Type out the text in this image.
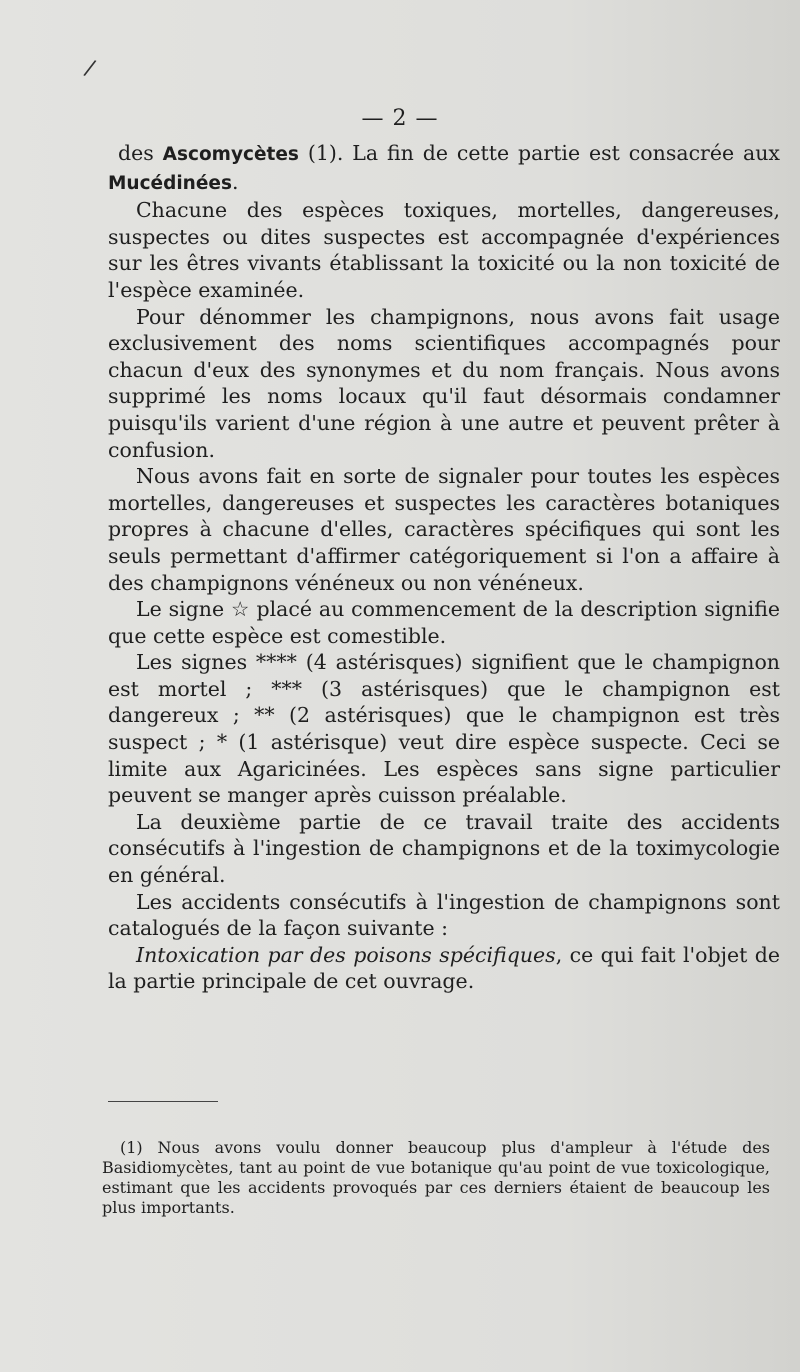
/
— 2 —

des Ascomycètes (1). La fin de cette partie est consacrée aux Mucédinées.

Chacune des espèces toxiques, mortelles, dangereuses, suspectes ou dites suspectes est accompagnée d'expériences sur les êtres vivants établissant la toxicité ou la non toxicité de l'espèce examinée.

Pour dénommer les champignons, nous avons fait usage exclusivement des noms scientifiques accompagnés pour chacun d'eux des synonymes et du nom français. Nous avons supprimé les noms locaux qu'il faut désormais condamner puisqu'ils varient d'une région à une autre et peuvent prêter à confusion.

Nous avons fait en sorte de signaler pour toutes les espèces mortelles, dangereuses et suspectes les caractères botaniques propres à chacune d'elles, caractères spécifiques qui sont les seuls permettant d'affirmer catégoriquement si l'on a affaire à des champignons vénéneux ou non vénéneux.

Le signe ☆ placé au commencement de la description signifie que cette espèce est comestible.

Les signes **** (4 astérisques) signifient que le champignon est mortel ; *** (3 astérisques) que le champignon est dangereux ; ** (2 astérisques) que le champignon est très suspect ; * (1 astérisque) veut dire espèce suspecte. Ceci se limite aux Agaricinées. Les espèces sans signe particulier peuvent se manger après cuisson préalable.

La deuxième partie de ce travail traite des accidents consécutifs à l'ingestion de champignons et de la toximycologie en général.

Les accidents consécutifs à l'ingestion de champignons sont catalogués de la façon suivante :

Intoxication par des poisons spécifiques, ce qui fait l'objet de la partie principale de cet ouvrage.

(1) Nous avons voulu donner beaucoup plus d'ampleur à l'étude des Basidiomycètes, tant au point de vue botanique qu'au point de vue toxicologique, estimant que les accidents provoqués par ces derniers étaient de beaucoup les plus importants.
